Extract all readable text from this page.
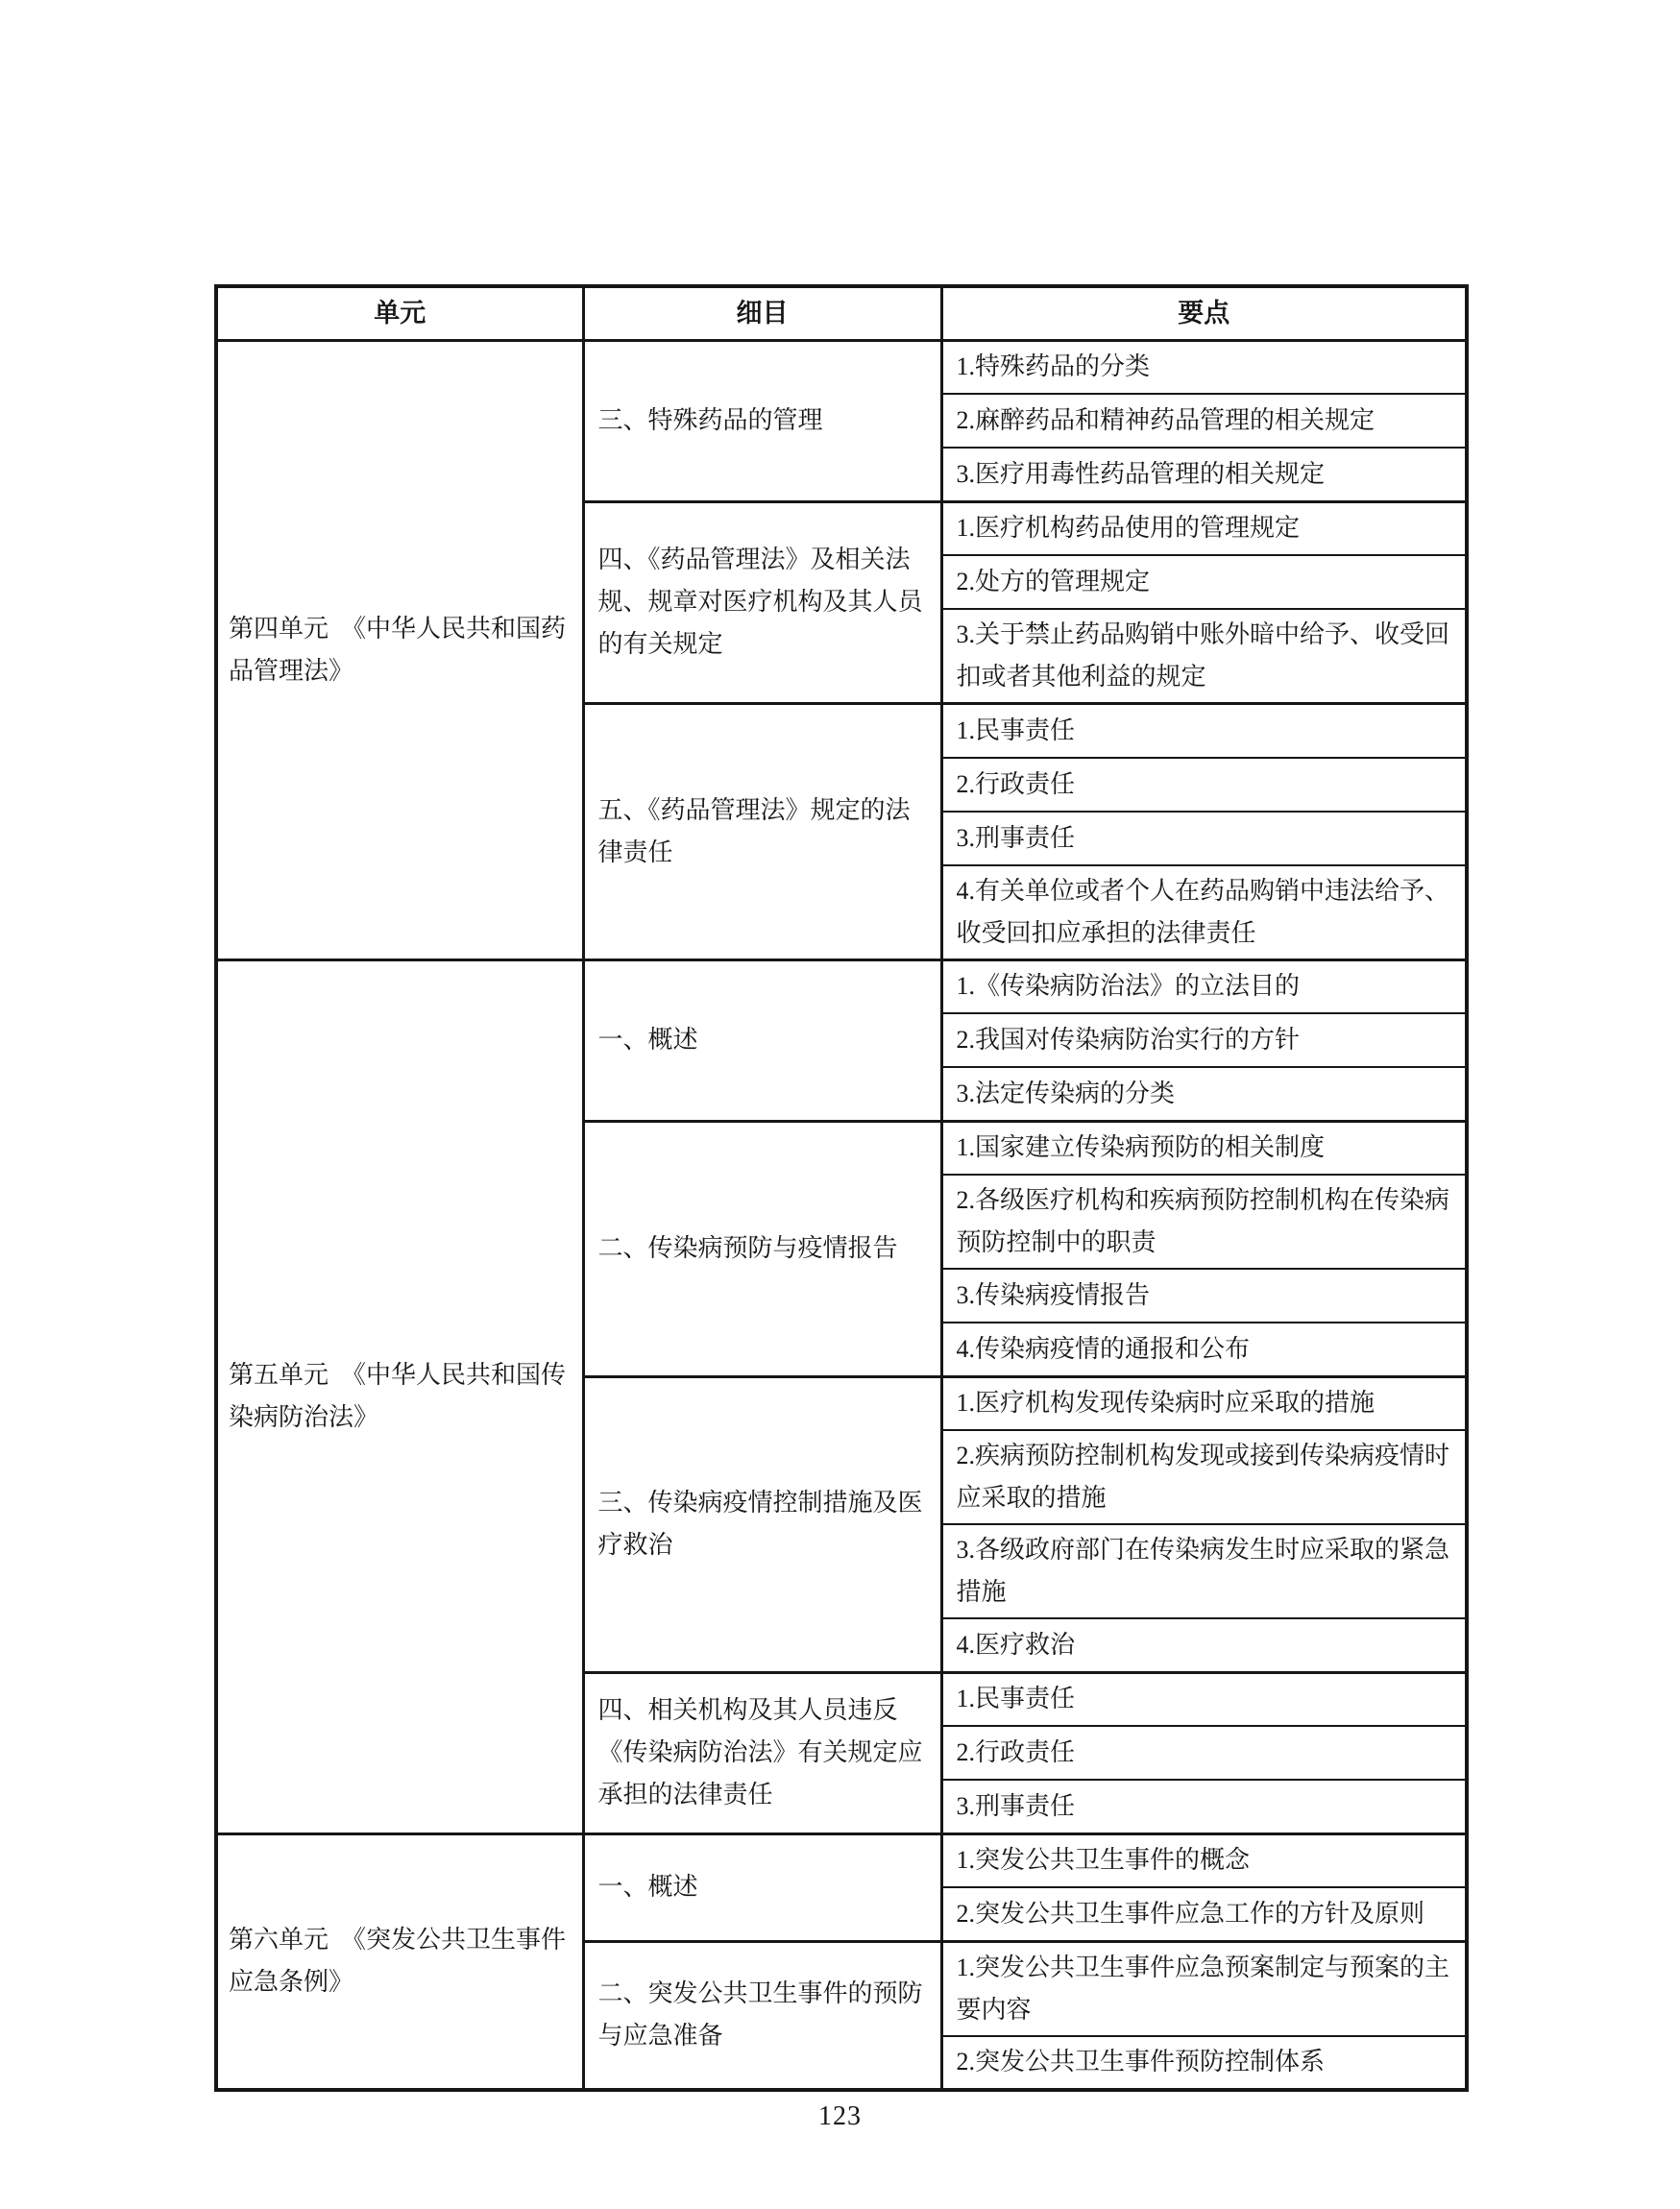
单元	细目	要点
第四单元　《中华人民共和国药品管理法》	三、特殊药品的管理	1.特殊药品的分类
		2.麻醉药品和精神药品管理的相关规定
		3.医疗用毒性药品管理的相关规定
	四、《药品管理法》及相关法规、规章对医疗机构及其人员的有关规定	1.医疗机构药品使用的管理规定
		2.处方的管理规定
		3.关于禁止药品购销中账外暗中给予、收受回扣或者其他利益的规定
	五、《药品管理法》规定的法律责任	1.民事责任
		2.行政责任
		3.刑事责任
		4.有关单位或者个人在药品购销中违法给予、收受回扣应承担的法律责任
第五单元　《中华人民共和国传染病防治法》	一、概述	1.《传染病防治法》的立法目的
		2.我国对传染病防治实行的方针
		3.法定传染病的分类
	二、传染病预防与疫情报告	1.国家建立传染病预防的相关制度
		2.各级医疗机构和疾病预防控制机构在传染病预防控制中的职责
		3.传染病疫情报告
		4.传染病疫情的通报和公布
	三、传染病疫情控制措施及医疗救治	1.医疗机构发现传染病时应采取的措施
		2.疾病预防控制机构发现或接到传染病疫情时应采取的措施
		3.各级政府部门在传染病发生时应采取的紧急措施
		4.医疗救治
	四、相关机构及其人员违反《传染病防治法》有关规定应承担的法律责任	1.民事责任
		2.行政责任
		3.刑事责任
第六单元　《突发公共卫生事件应急条例》	一、概述	1.突发公共卫生事件的概念
		2.突发公共卫生事件应急工作的方针及原则
	二、突发公共卫生事件的预防与应急准备	1.突发公共卫生事件应急预案制定与预案的主要内容
		2.突发公共卫生事件预防控制体系
123
